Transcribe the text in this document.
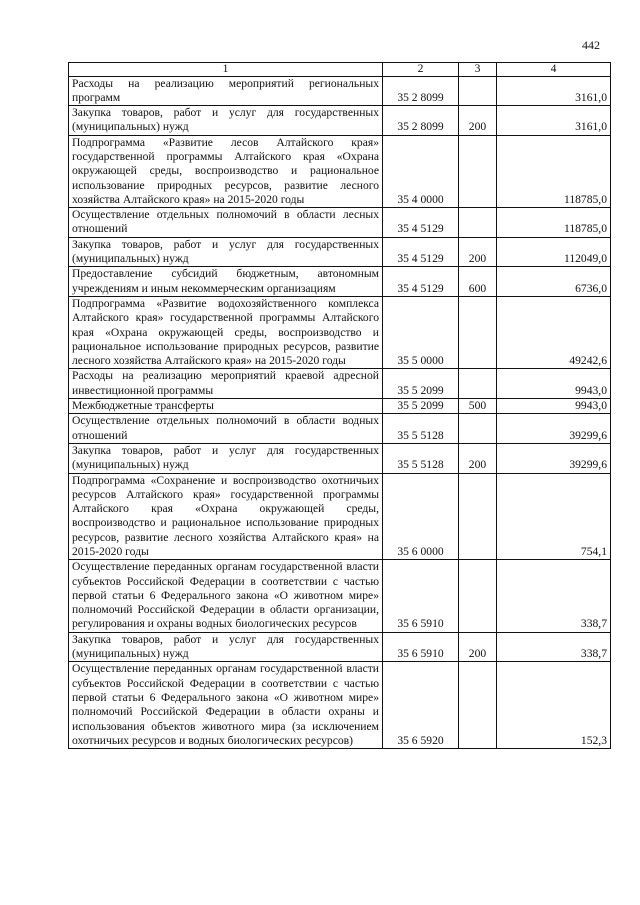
442
1	2	3	4
Расходы на реализацию мероприятий региональных программ	35 2 8099		3161,0
Закупка товаров, работ и услуг для государственных (муниципальных) нужд	35 2 8099	200	3161,0
Подпрограмма «Развитие лесов Алтайского края» государственной программы Алтайского края «Охрана окружающей среды, воспроизводство и рациональное использование природных ресурсов, развитие лесного хозяйства Алтайского края» на 2015-2020 годы	35 4 0000		118785,0
Осуществление отдельных полномочий в области лесных отношений	35 4 5129		118785,0
Закупка товаров, работ и услуг для государственных (муниципальных) нужд	35 4 5129	200	112049,0
Предоставление субсидий бюджетным, автономным учреждениям и иным некоммерческим организациям	35 4 5129	600	6736,0
Подпрограмма «Развитие водохозяйственного комплекса Алтайского края» государственной программы Алтайского края «Охрана окружающей среды, воспроизводство и рациональное использование природных ресурсов, развитие лесного хозяйства Алтайского края» на 2015-2020 годы	35 5 0000		49242,6
Расходы на реализацию мероприятий краевой адресной инвестиционной программы	35 5 2099		9943,0
Межбюджетные трансферты	35 5 2099	500	9943,0
Осуществление отдельных полномочий в области водных отношений	35 5 5128		39299,6
Закупка товаров, работ и услуг для государственных (муниципальных) нужд	35 5 5128	200	39299,6
Подпрограмма «Сохранение и воспроизводство охотничьих ресурсов Алтайского края» государственной программы Алтайского края «Охрана окружающей среды, воспроизводство и рациональное использование природных ресурсов, развитие лесного хозяйства Алтайского края» на 2015-2020 годы	35 6 0000		754,1
Осуществление переданных органам государственной власти субъектов Российской Федерации в соответствии с частью первой статьи 6 Федерального закона «О животном мире» полномочий Российской Федерации в области организации, регулирования и охраны водных биологических ресурсов	35 6 5910		338,7
Закупка товаров, работ и услуг для государственных (муниципальных) нужд	35 6 5910	200	338,7
Осуществление переданных органам государственной власти субъектов Российской Федерации в соответствии с частью первой статьи 6 Федерального закона «О животном мире» полномочий Российской Федерации в области охраны и использования объектов животного мира (за исключением охотничьих ресурсов и водных биологических ресурсов)	35 6 5920		152,3
